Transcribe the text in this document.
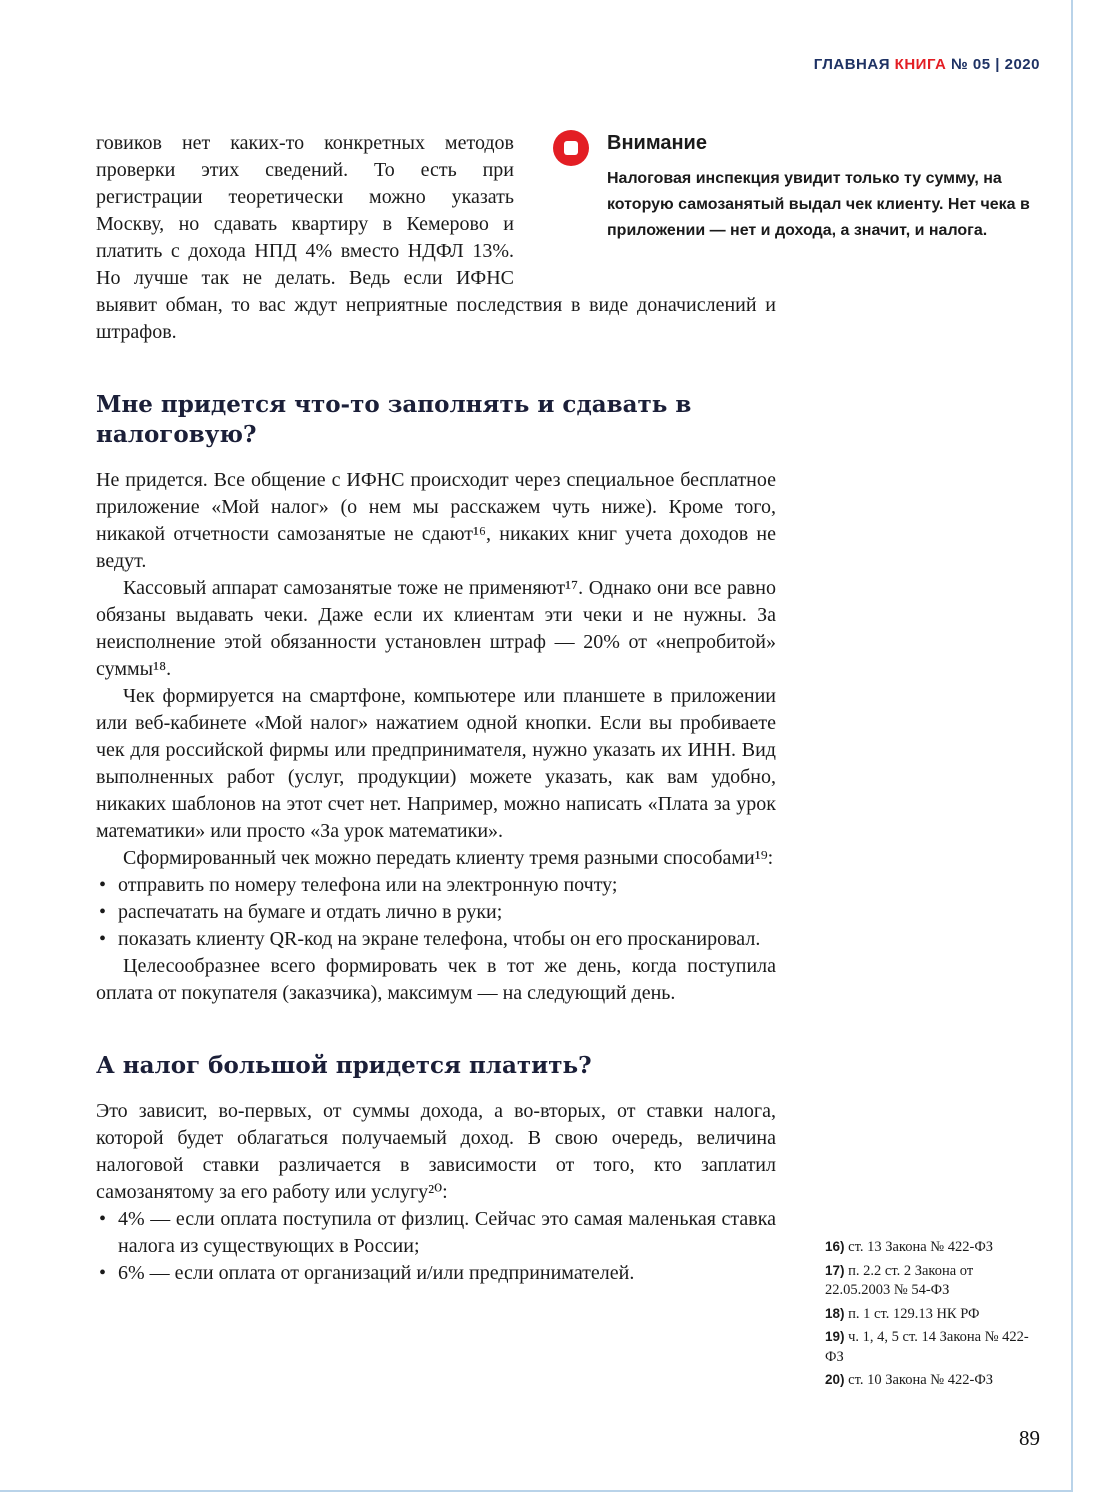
ГЛАВНАЯ КНИГА № 05 | 2020
Внимание
Налоговая инспекция увидит только ту сумму, на которую самозанятый выдал чек клиенту. Нет чека в приложении — нет и дохода, а значит, и налога.
говиков нет каких-то конкретных методов проверки этих сведений. То есть при регистрации теоретически можно указать Москву, но сдавать квартиру в Кемерово и платить с дохода НПД 4% вместо НДФЛ 13%. Но лучше так не делать. Ведь если ИФНС выявит обман, то вас ждут неприятные последствия в виде доначислений и штрафов.
Мне придется что-то заполнять и сдавать в налоговую?
Не придется. Все общение с ИФНС происходит через специальное бесплатное приложение «Мой налог» (о нем мы расскажем чуть ниже). Кроме того, никакой отчетности самозанятые не сдают¹⁶, никаких книг учета доходов не ведут.
Кассовый аппарат самозанятые тоже не применяют¹⁷. Однако они все равно обязаны выдавать чеки. Даже если их клиентам эти чеки и не нужны. За неисполнение этой обязанности установлен штраф — 20% от «непробитой» суммы¹⁸.
Чек формируется на смартфоне, компьютере или планшете в приложении или веб-кабинете «Мой налог» нажатием одной кнопки. Если вы пробиваете чек для российской фирмы или предпринимателя, нужно указать их ИНН. Вид выполненных работ (услуг, продукции) можете указать, как вам удобно, никаких шаблонов на этот счет нет. Например, можно написать «Плата за урок математики» или просто «За урок математики».
Сформированный чек можно передать клиенту тремя разными способами¹⁹:
• отправить по номеру телефона или на электронную почту;
• распечатать на бумаге и отдать лично в руки;
• показать клиенту QR-код на экране телефона, чтобы он его просканировал.
Целесообразнее всего формировать чек в тот же день, когда поступила оплата от покупателя (заказчика), максимум — на следующий день.
А налог большой придется платить?
Это зависит, во-первых, от суммы дохода, а во-вторых, от ставки налога, которой будет облагаться получаемый доход. В свою очередь, величина налоговой ставки различается в зависимости от того, кто заплатил самозанятому за его работу или услугу²⁰:
• 4% — если оплата поступила от физлиц. Сейчас это самая маленькая ставка налога из существующих в России;
• 6% — если оплата от организаций и/или предпринимателей.
16) ст. 13 Закона № 422-ФЗ
17) п. 2.2 ст. 2 Закона от 22.05.2003 № 54-ФЗ
18) п. 1 ст. 129.13 НК РФ
19) ч. 1, 4, 5 ст. 14 Закона № 422-ФЗ
20) ст. 10 Закона № 422-ФЗ
89
